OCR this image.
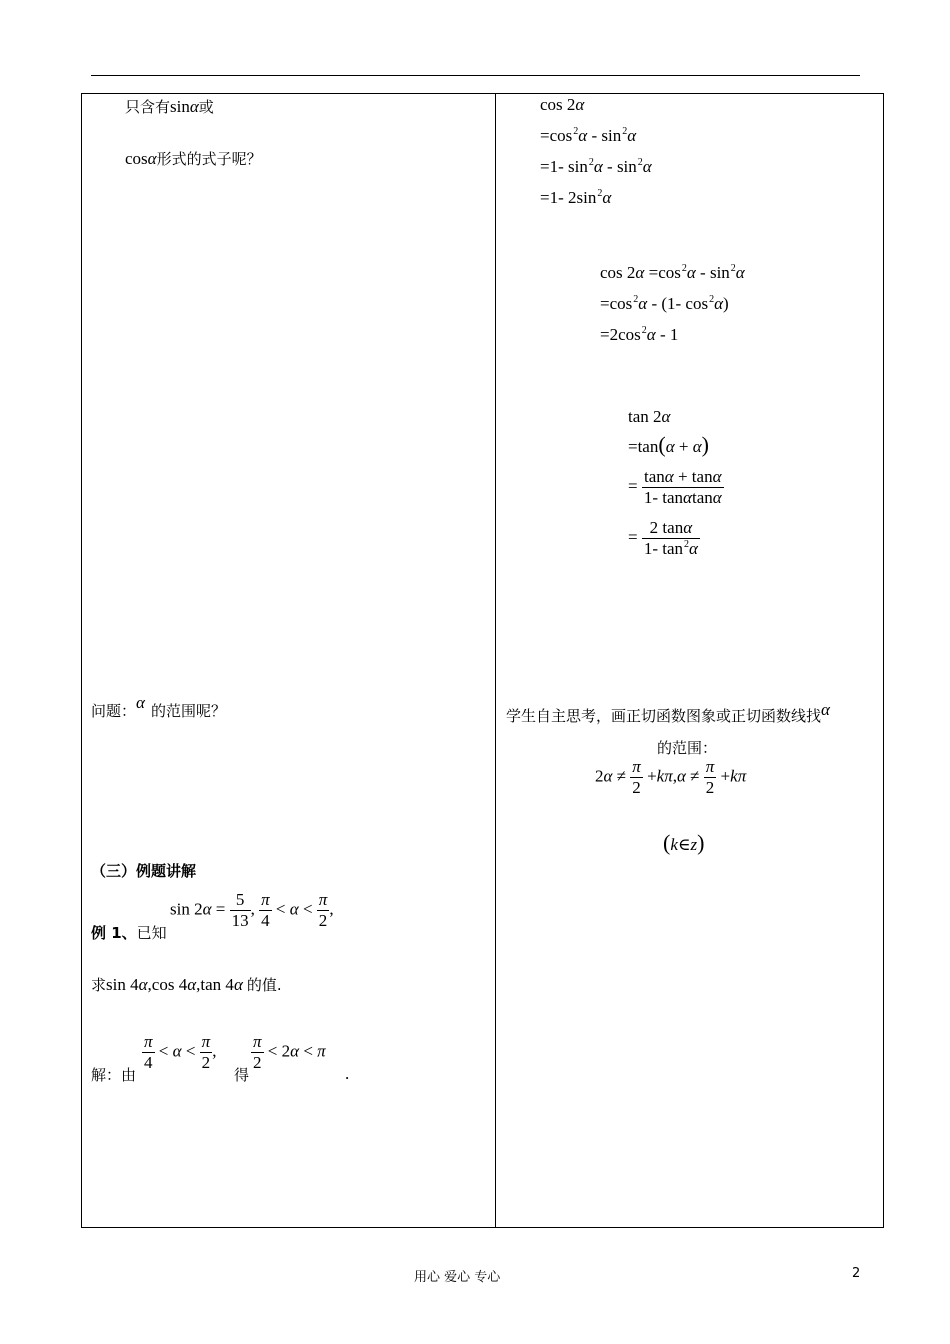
只含有sinα或
cosα形式的式子呢？
问题：α 的范围呢？
（三）例题讲解
例 1、已知
$\sin 2\alpha = \frac{5}{13}$ , $\frac{\pi}{4} < \alpha < \frac{\pi}{2}$ ,
求sin 4α,cos 4α,tan 4α 的值.
解：由
$\frac{\pi}{4} < \alpha < \frac{\pi}{2}$ ,
得
$\frac{\pi}{2} < 2\alpha < \pi$
.
cos 2α
$=\cos^2\alpha - \sin^2\alpha$
=1- $\sin^2\alpha - \sin^2\alpha$
=1- $2\sin^2\alpha$
$\cos 2\alpha =\cos^2\alpha - \sin^2\alpha$
$=\cos^2\alpha - (1-$ $\cos^2\alpha$)
$=2\cos^2\alpha - 1$
tan 2α
=tan(α + α)
= $\frac{\tan\alpha + \tan\alpha}{1- \tan\alpha\tan\alpha}$
= $\frac{2 \tan\alpha}{1- \tan^2\alpha}$
学生自主思考，画正切函数图象或正切函数线找α
的范围：
$2\alpha \ne \frac{\pi}{2} +k\pi,\alpha \ne \frac{\pi}{2} +k\pi$
(k∈z)
用心 爱心 专心	2
